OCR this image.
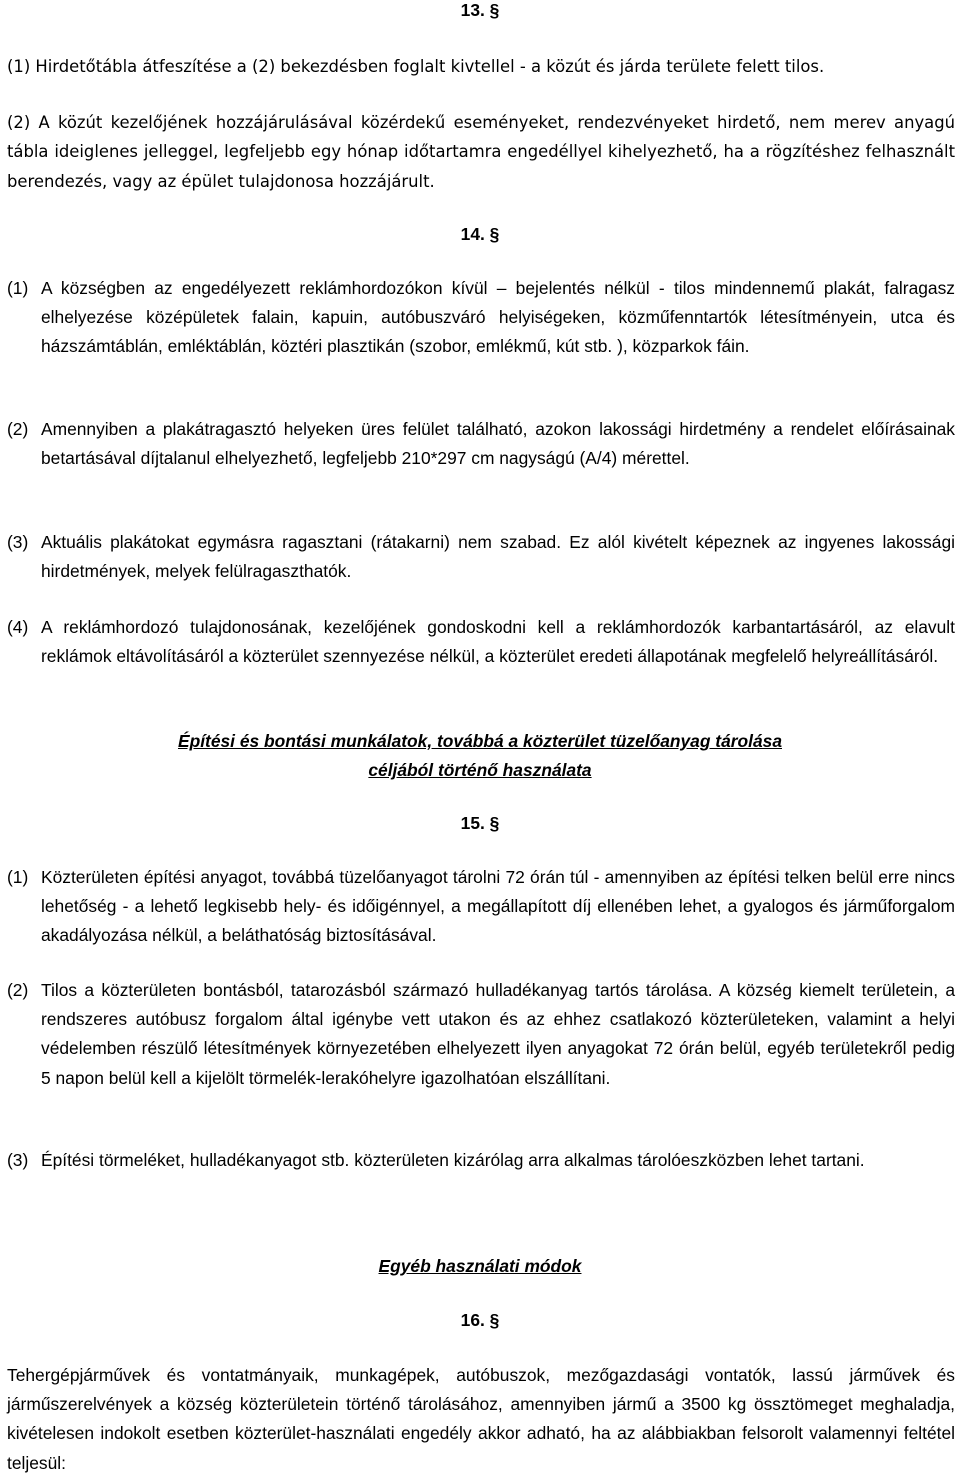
13. §

(1) Hirdetőtábla átfeszítése a (2) bekezdésben foglalt kivtellel - a közút és járda területe felett tilos.

(2) A közút kezelőjének hozzájárulásával közérdekű eseményeket, rendezvényeket hirdető, nem merev anyagú tábla ideiglenes jelleggel, legfeljebb egy hónap időtartamra engedéllyel kihelyezhető, ha a rögzítéshez felhasznált berendezés, vagy az épület tulajdonosa hozzájárult.

14. §
(1) A községben az engedélyezett reklámhordozókon kívül – bejelentés nélkül - tilos mindennemű plakát, falragasz elhelyezése középületek falain, kapuin, autóbuszváró helyiségeken, közműfenntartók létesítményein, utca és házszámtáblán, emléktáblán, köztéri plasztikán (szobor, emlékmű, kút stb. ), közparkok fáin.

(2) Amennyiben a plakátragasztó helyeken üres felület található, azokon lakossági hirdetmény a rendelet előírásainak betartásával díjtalanul elhelyezhető, legfeljebb 210*297 cm nagyságú (A/4) mérettel.

(3) Aktuális plakátokat egymásra ragasztani (rátakarni) nem szabad. Ez alól kivételt képeznek az ingyenes lakossági hirdetmények, melyek felülragaszthatók.

(4) A reklámhordozó tulajdonosának, kezelőjének gondoskodni kell a reklámhordozók karbantartásáról, az elavult reklámok eltávolításáról a közterület szennyezése nélkül, a közterület eredeti állapotának megfelelő helyreállításáról.

Építési és bontási munkálatok, továbbá a közterület tüzelőanyag tárolása
céljából történő használata
15. §
(1) Közterületen építési anyagot, továbbá tüzelőanyagot tárolni 72 órán túl - amennyiben az építési telken belül erre nincs lehetőség - a lehető legkisebb hely- és időigénnyel, a megállapított díj ellenében lehet, a gyalogos és járműforgalom akadályozása nélkül, a beláthatóság biztosításával.

(2) Tilos a közterületen bontásból, tatarozásból származó hulladékanyag tartós tárolása. A község kiemelt területein, a rendszeres autóbusz forgalom által igénybe vett utakon és az ehhez csatlakozó közterületeken, valamint a helyi védelemben részülő létesítmények környezetében elhelyezett ilyen anyagokat 72 órán belül, egyéb területekről pedig 5 napon belül kell a kijelölt törmelék-lerakóhelyre igazolhatóan elszállítani.

(3) Építési törmeléket, hulladékanyagot stb. közterületen kizárólag arra alkalmas tárolóeszközben lehet tartani.

Egyéb használati módok
16. §

Tehergépjárművek és vontatmányaik, munkagépek, autóbuszok, mezőgazdasági vontatók, lassú járművek és járműszerelvények a község közterületein történő tárolásához, amennyiben jármű a 3500 kg össztömeget meghaladja, kivételesen indokolt esetben közterület-használati engedély akkor adható, ha az alábbiakban felsorolt valamennyi feltétel teljesül:
